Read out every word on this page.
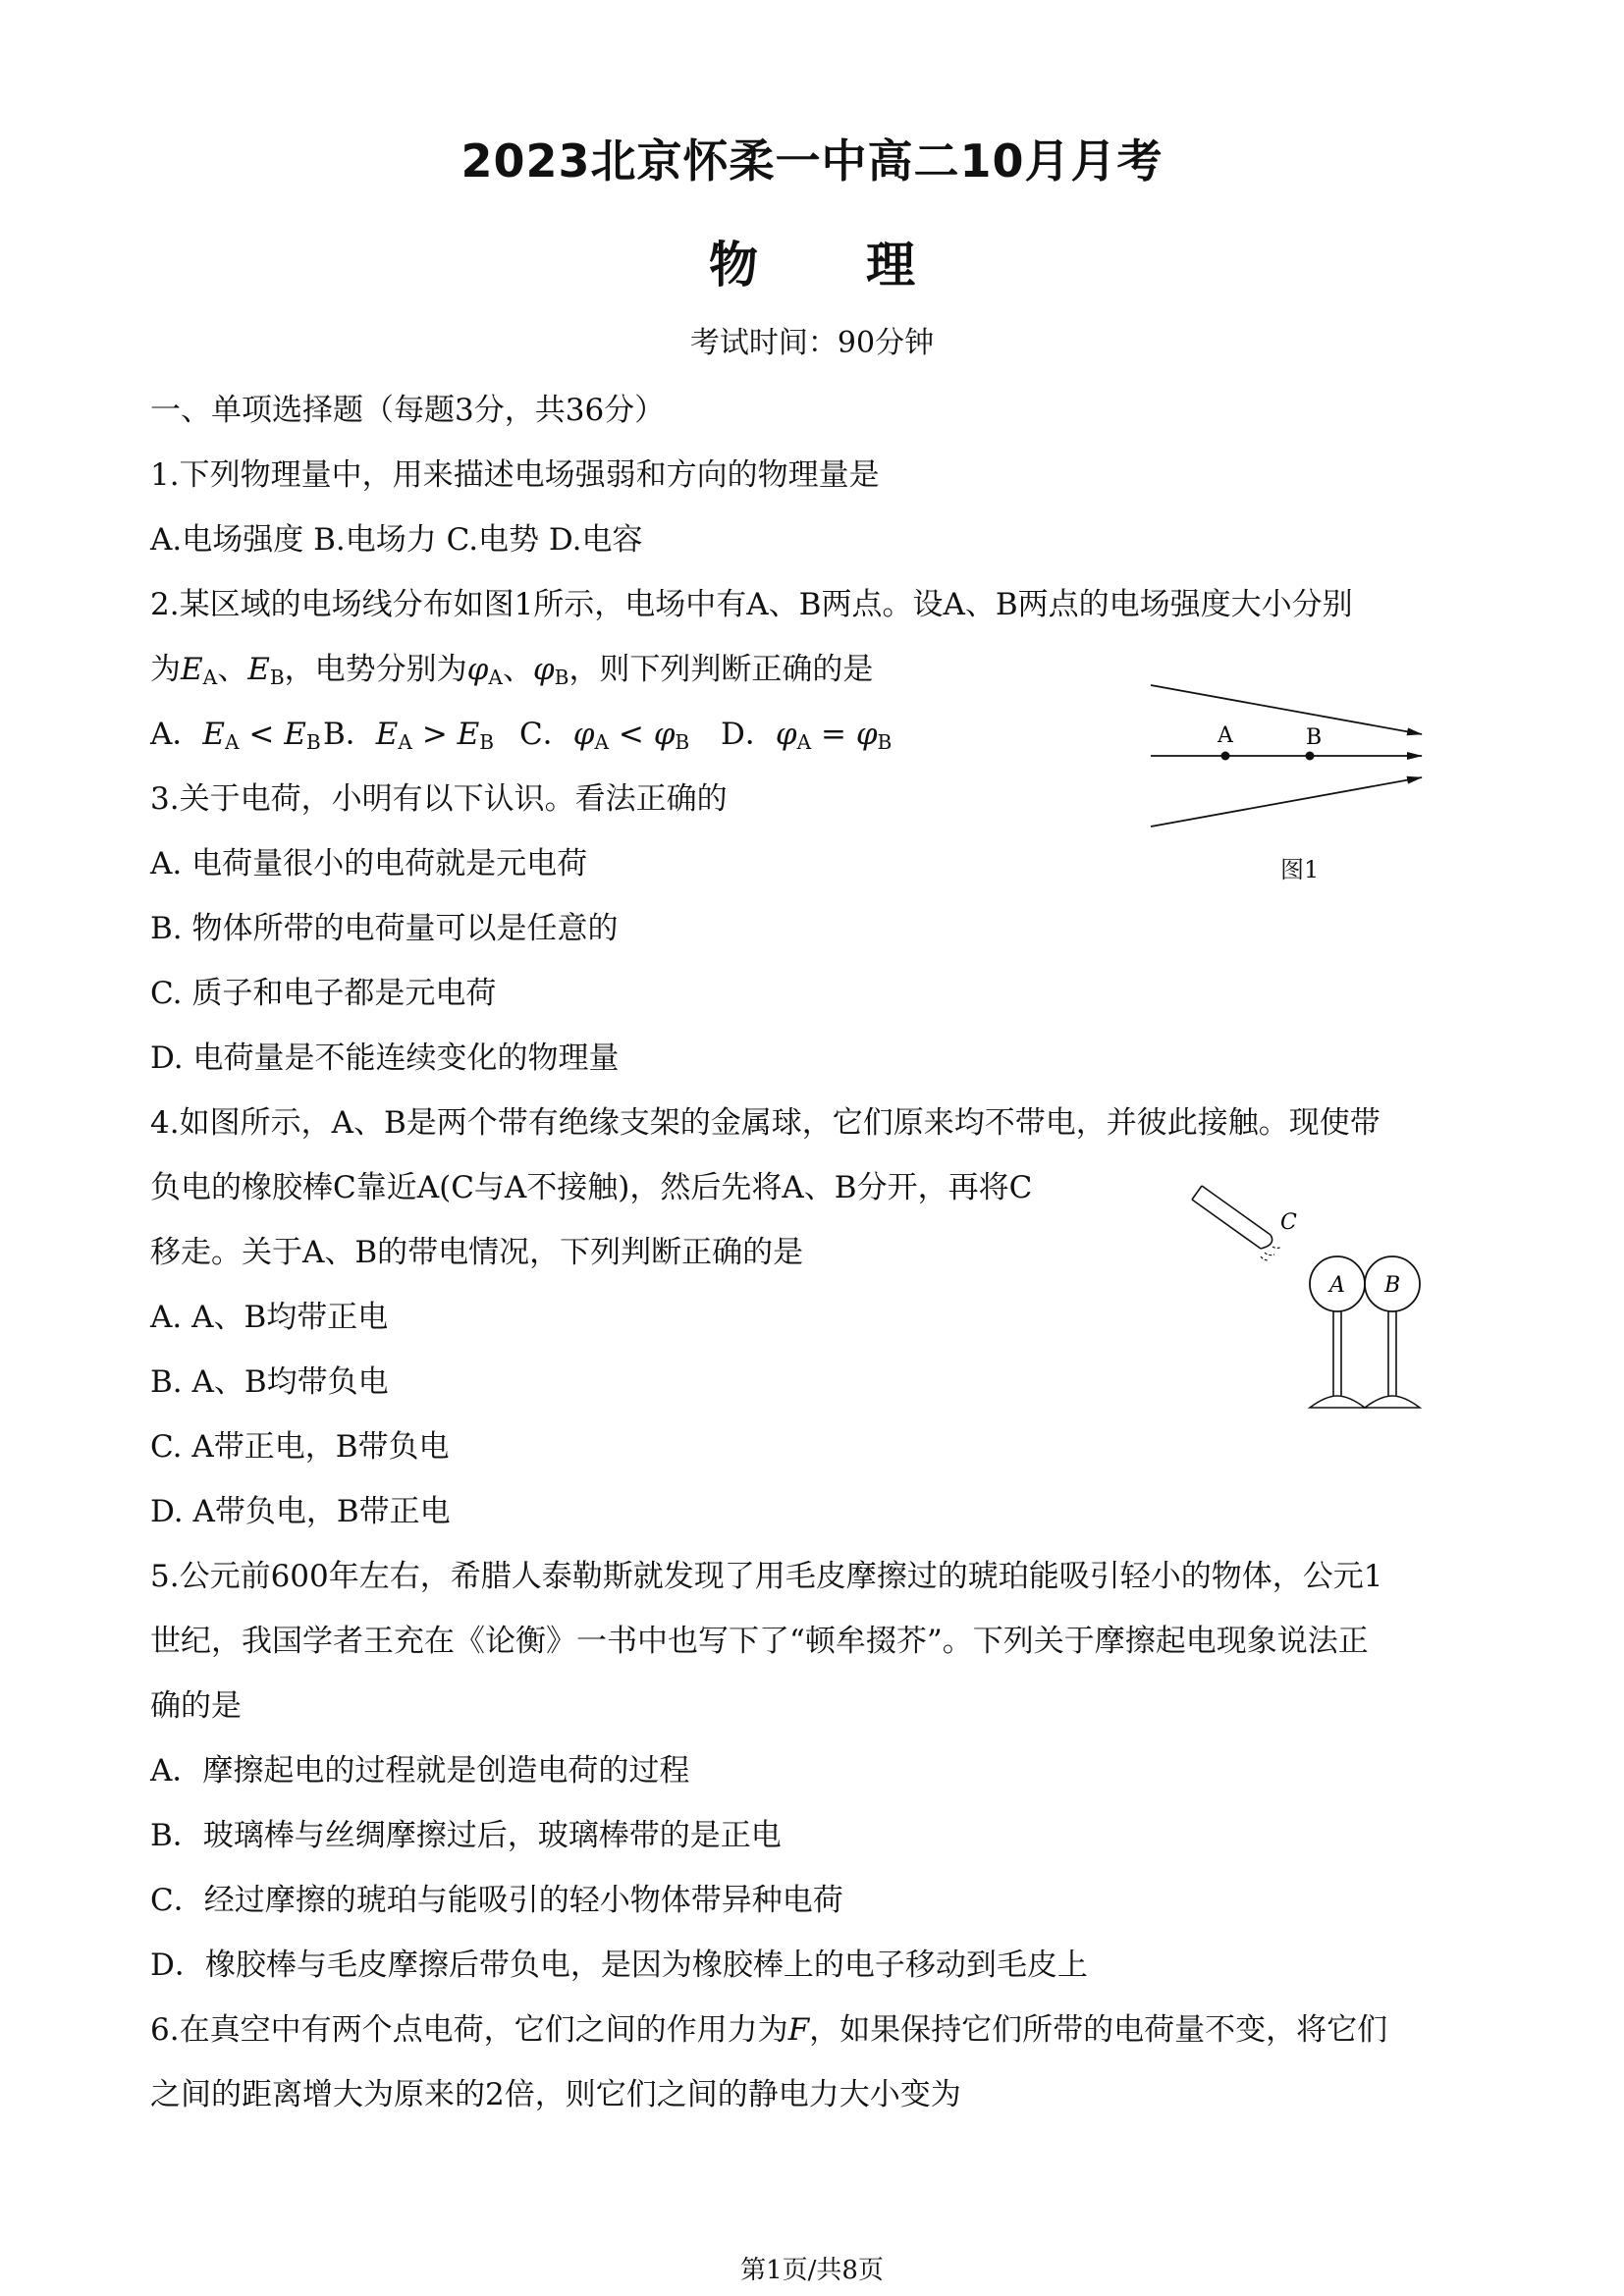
2023北京怀柔一中高二10月月考
物 理
考试时间：90分钟
一、单项选择题（每题3分，共36分）
1.下列物理量中，用来描述电场强弱和方向的物理量是
A.电场强度 B.电场力 C.电势 D.电容
2.某区域的电场线分布如图1所示，电场中有A、B两点。设A、B两点的电场强度大小分别
为$E_A$、$E_B$，电势分别为$\varphi_A$、$\varphi_B$，则下列判断正确的是
A．$E_A < E_BB$．$E_A > E_B$ C．$\varphi_A < \varphi_B$ D．$\varphi_A = \varphi_B$	A	B
图1
3.关于电荷，小明有以下认识。看法正确的
A. 电荷量很小的电荷就是元电荷
B. 物体所带的电荷量可以是任意的
C. 质子和电子都是元电荷
D. 电荷量是不能连续变化的物理量
4.如图所示，A、B是两个带有绝缘支架的金属球，它们原来均不带电，并彼此接触。现使带
负电的橡胶棒C靠近A(C与A不接触)，然后先将A、B分开，再将C
移走。关于A、B的带电情况，下列判断正确的是
A. A、B均带正电
B. A、B均带负电
C. A带正电，B带负电
D. A带负电，B带正电
C
A B
5.公元前600年左右，希腊人泰勒斯就发现了用毛皮摩擦过的琥珀能吸引轻小的物体，公元1
世纪，我国学者王充在《论衡》一书中也写下了“顿牟掇芥”。下列关于摩擦起电现象说法正
确的是
A．摩擦起电的过程就是创造电荷的过程
B．玻璃棒与丝绸摩擦过后，玻璃棒带的是正电
C．经过摩擦的琥珀与能吸引的轻小物体带异种电荷
D．橡胶棒与毛皮摩擦后带负电，是因为橡胶棒上的电子移动到毛皮上
6.在真空中有两个点电荷，它们之间的作用力为F，如果保持它们所带的电荷量不变，将它们
之间的距离增大为原来的2倍，则它们之间的静电力大小变为
第1页/共8页
